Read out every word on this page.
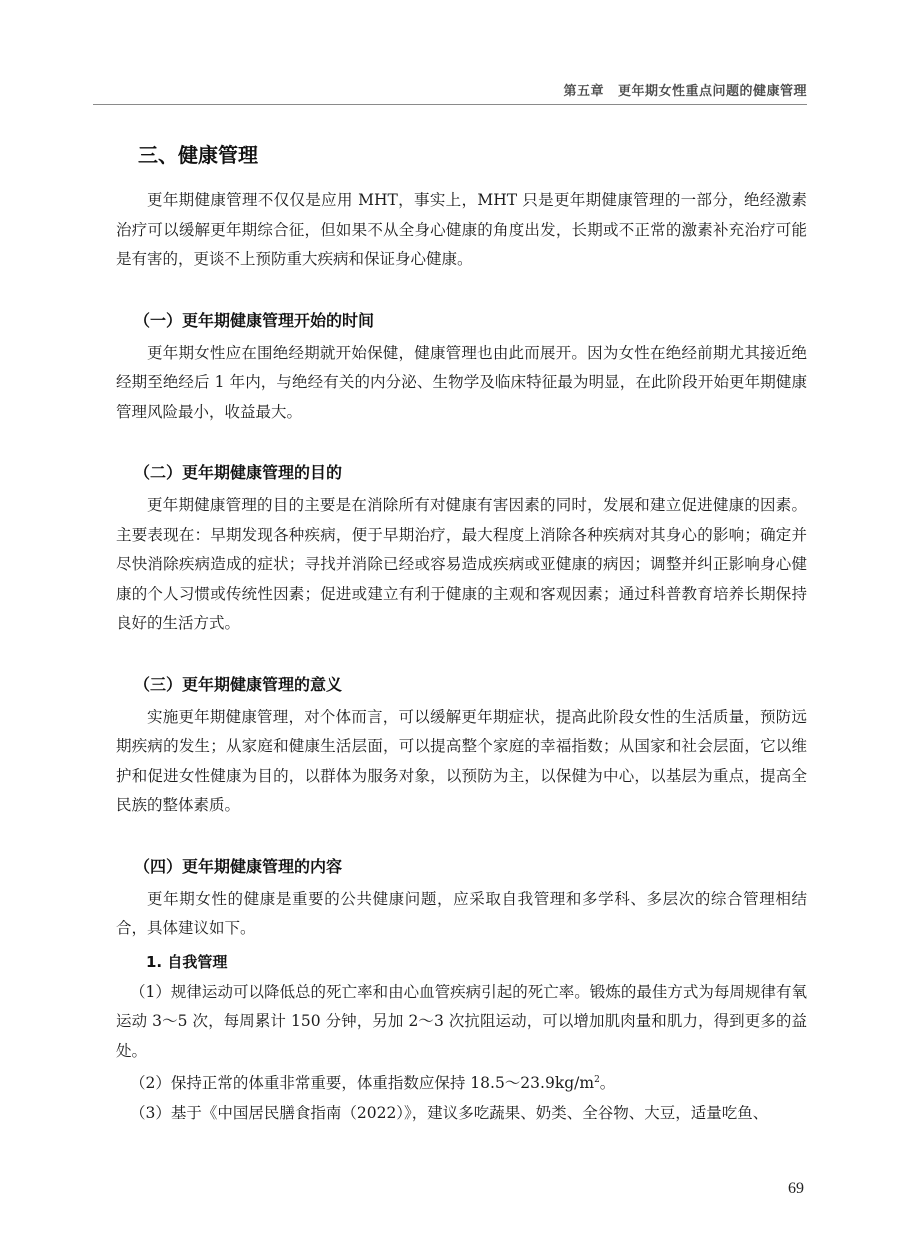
第五章 更年期女性重点问题的健康管理
三、健康管理

更年期健康管理不仅仅是应用 MHT，事实上，MHT 只是更年期健康管理的一部分，绝经激素治疗可以缓解更年期综合征，但如果不从全身心健康的角度出发，长期或不正常的激素补充治疗可能是有害的，更谈不上预防重大疾病和保证身心健康。

（一）更年期健康管理开始的时间

更年期女性应在围绝经期就开始保健，健康管理也由此而展开。因为女性在绝经前期尤其接近绝经期至绝经后 1 年内，与绝经有关的内分泌、生物学及临床特征最为明显，在此阶段开始更年期健康管理风险最小，收益最大。

（二）更年期健康管理的目的

更年期健康管理的目的主要是在消除所有对健康有害因素的同时，发展和建立促进健康的因素。主要表现在：早期发现各种疾病，便于早期治疗，最大程度上消除各种疾病对其身心的影响；确定并尽快消除疾病造成的症状；寻找并消除已经或容易造成疾病或亚健康的病因；调整并纠正影响身心健康的个人习惯或传统性因素；促进或建立有利于健康的主观和客观因素；通过科普教育培养长期保持良好的生活方式。

（三）更年期健康管理的意义

实施更年期健康管理，对个体而言，可以缓解更年期症状，提高此阶段女性的生活质量，预防远期疾病的发生；从家庭和健康生活层面，可以提高整个家庭的幸福指数；从国家和社会层面，它以维护和促进女性健康为目的，以群体为服务对象，以预防为主，以保健为中心，以基层为重点，提高全民族的整体素质。

（四）更年期健康管理的内容

更年期女性的健康是重要的公共健康问题，应采取自我管理和多学科、多层次的综合管理相结合，具体建议如下。

1. 自我管理

（1）规律运动可以降低总的死亡率和由心血管疾病引起的死亡率。锻炼的最佳方式为每周规律有氧运动 3～5 次，每周累计 150 分钟，另加 2～3 次抗阻运动，可以增加肌肉量和肌力，得到更多的益处。

（2）保持正常的体重非常重要，体重指数应保持 $18.5\sim 23.9kg/m^2$。

（3）基于《中国居民膳食指南（2022）》，建议多吃蔬果、奶类、全谷物、大豆，适量吃鱼、

69
